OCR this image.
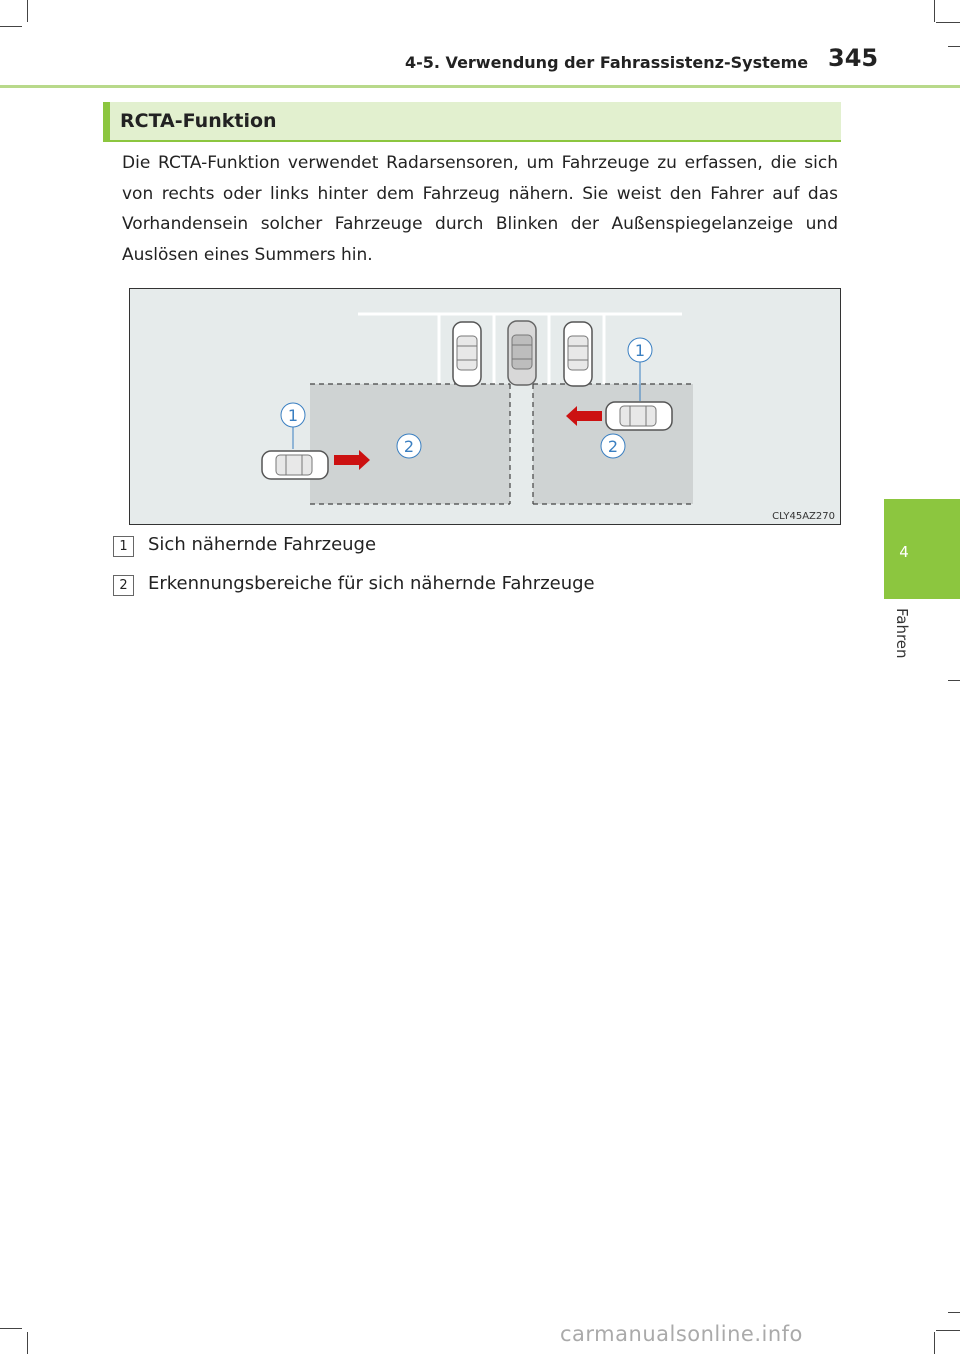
4-5. Verwendung der Fahrassistenz-Systeme 345
RCTA-Funktion
Die RCTA-Funktion verwendet Radarsensoren, um Fahrzeuge zu erfassen, die sich von rechts oder links hinter dem Fahrzeug nähern. Sie weist den Fahrer auf das Vorhandensein solcher Fahrzeuge durch Blinken der Außenspiegelanzeige und Auslösen eines Summers hin.
1
1
2	2
CLY45AZ270
1	Sich nähernde Fahrzeuge
2	Erkennungsbereiche für sich nähernde Fahrzeuge
4
Fahren
carmanualsonline.info
